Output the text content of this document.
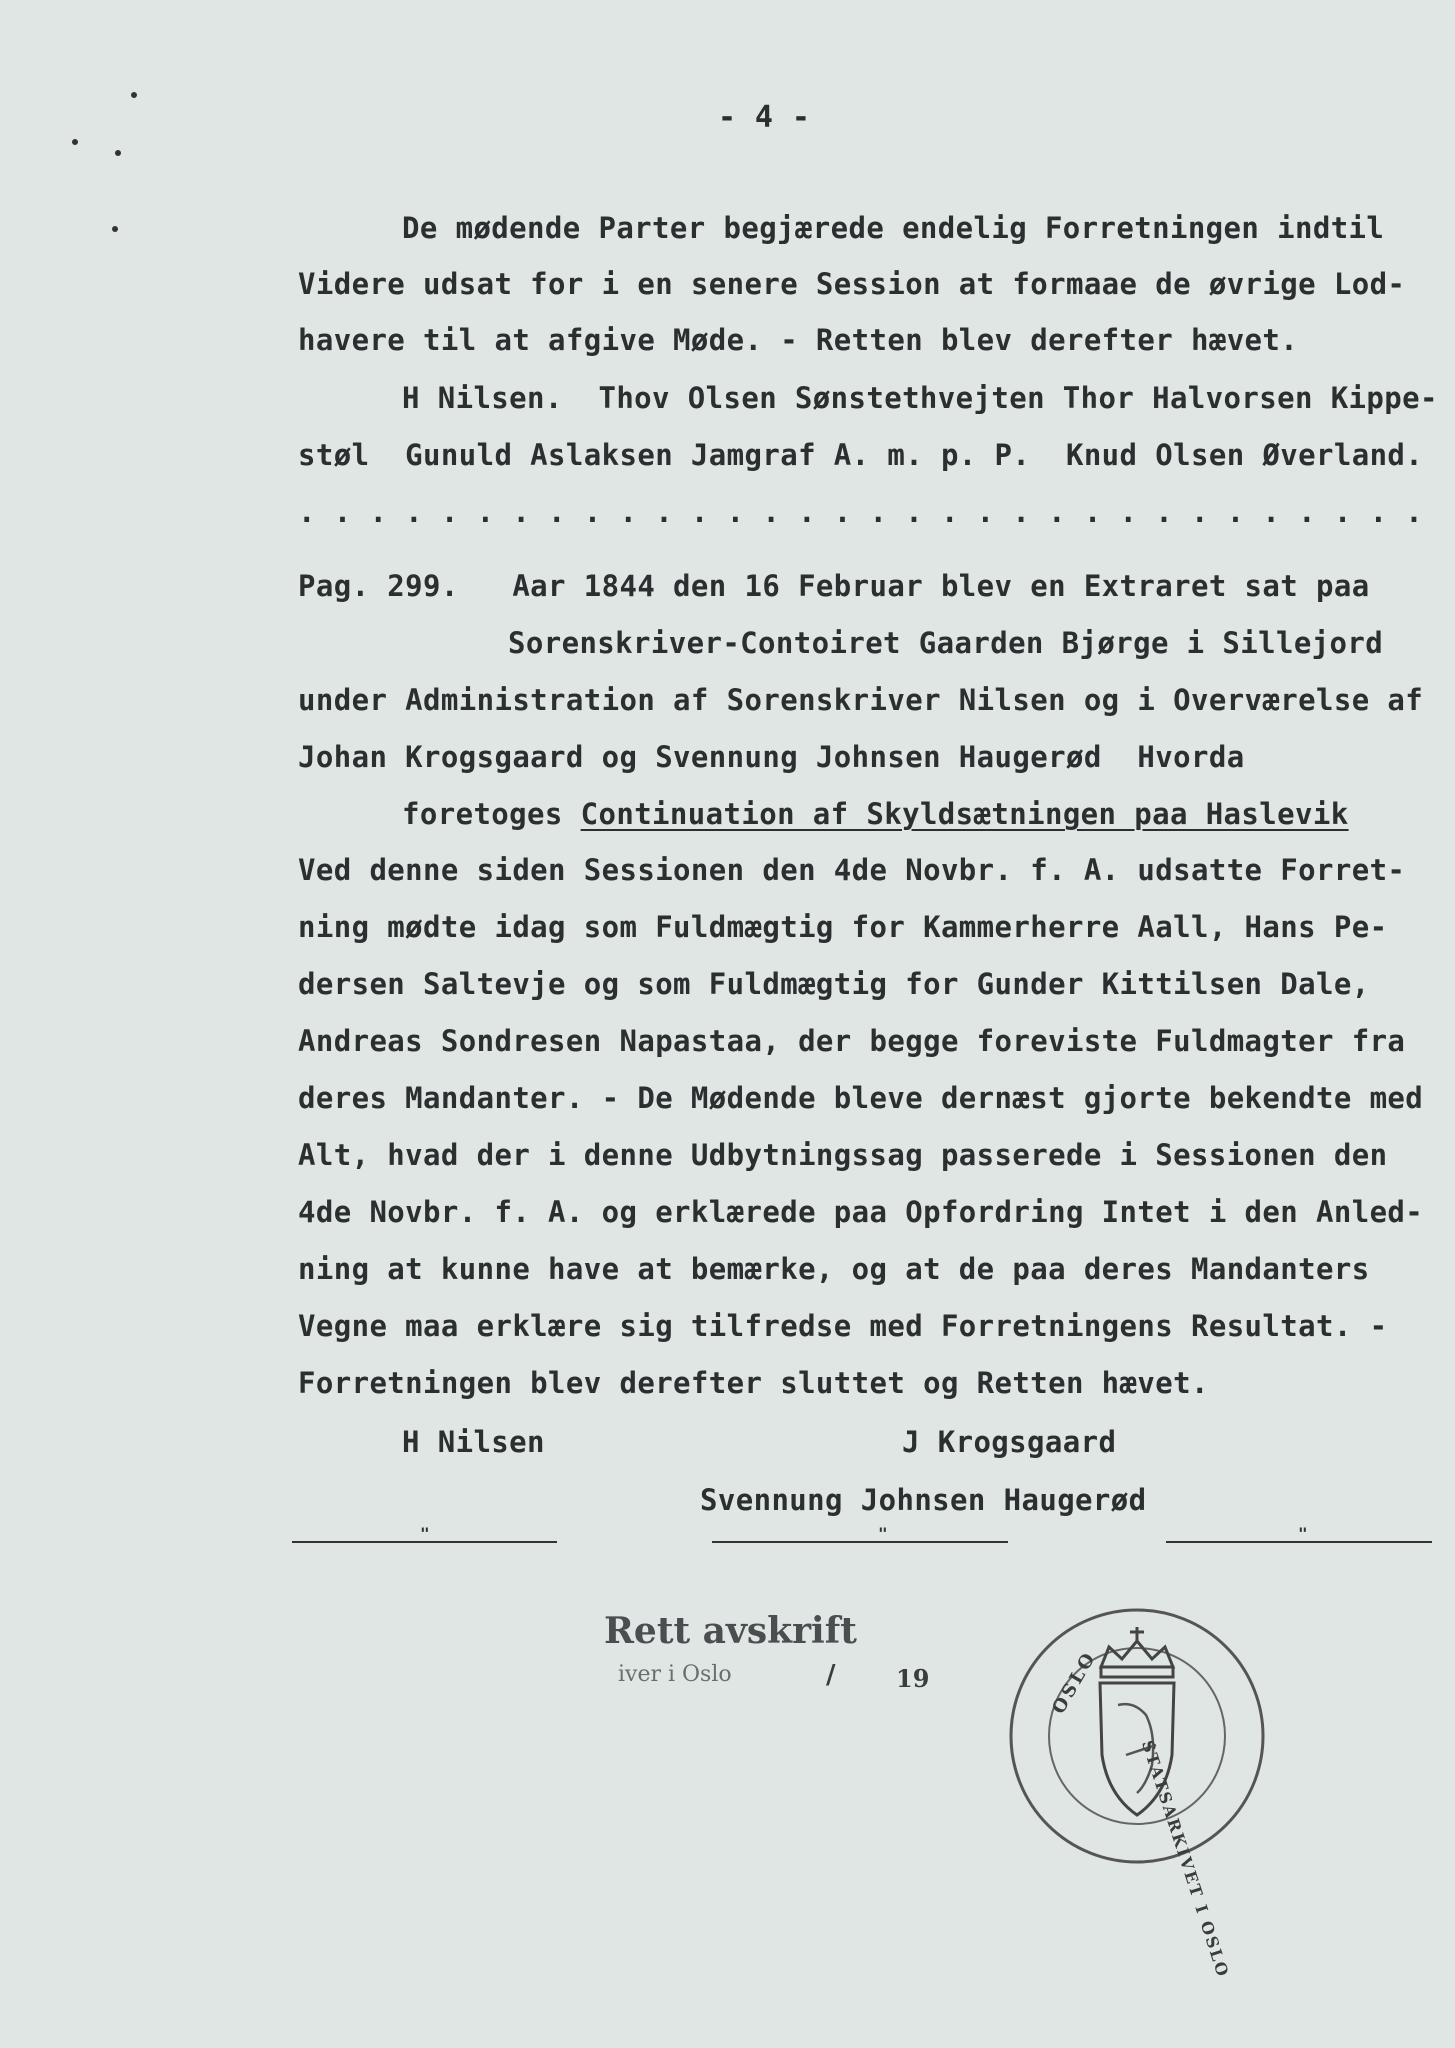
- 4 -
De mødende Parter begjærede endelig Forretningen indtil
Videre udsat for i en senere Session at formaae de øvrige Lod-
havere til at afgive Møde. - Retten blev derefter hævet.
H Nilsen.  Thov Olsen Sønstethvejten Thor Halvorsen Kippe-
støl  Gunuld Aslaksen Jamgraf A. m. p. P.  Knud Olsen Øverland.
. . . . . . . . . . . . . . . . . . . . . . . . . . . . . . . .
Pag. 299.   Aar 1844 den 16 Februar blev en Extraret sat paa
Sorenskriver-Contoiret Gaarden Bjørge i Sillejord
under Administration af Sorenskriver Nilsen og i Overværelse af
Johan Krogsgaard og Svennung Johnsen Haugerød  Hvorda
foretoges Continuation af Skyldsætningen paa Haslevik
Ved denne siden Sessionen den 4de Novbr. f. A. udsatte Forret-
ning mødte idag som Fuldmægtig for Kammerherre Aall, Hans Pe-
dersen Saltevje og som Fuldmægtig for Gunder Kittilsen Dale,
Andreas Sondresen Napastaa, der begge foreviste Fuldmagter fra
deres Mandanter. - De Mødende bleve dernæst gjorte bekendte med
Alt, hvad der i denne Udbytningssag passerede i Sessionen den
4de Novbr. f. A. og erklærede paa Opfordring Intet i den Anled-
ning at kunne have at bemærke, og at de paa deres Mandanters
Vegne maa erklære sig tilfredse med Forretningens Resultat. -
Forretningen blev derefter sluttet og Retten hævet.
H Nilsen	J Krogsgaard
Svennung Johnsen Haugerød
"	"	"
Rett avskrift
iver i Oslo	/	19	OSLO
STATSARKIVET I OSLO
